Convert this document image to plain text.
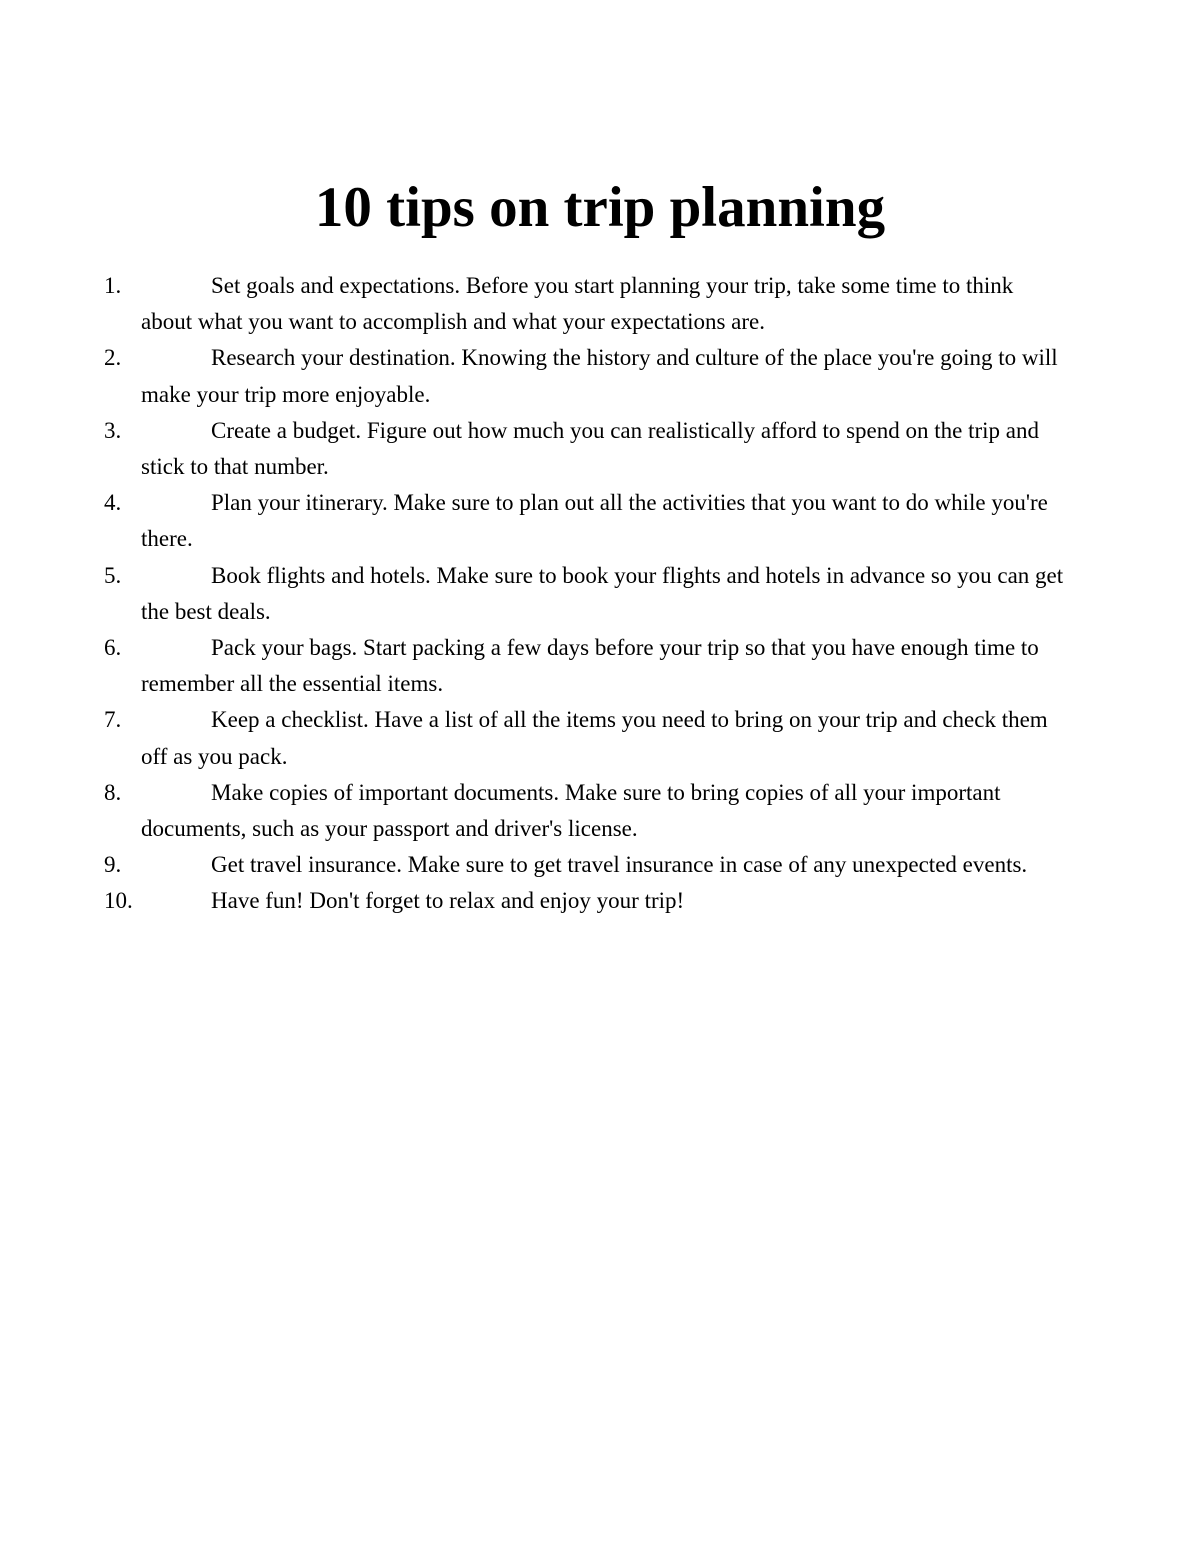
10 tips on trip planning
1.	Set goals and expectations. Before you start planning your trip, take some time to think about what you want to accomplish and what your expectations are.
2.	Research your destination. Knowing the history and culture of the place you're going to will make your trip more enjoyable.
3.	Create a budget. Figure out how much you can realistically afford to spend on the trip and stick to that number.
4.	Plan your itinerary. Make sure to plan out all the activities that you want to do while you're there.
5.	Book flights and hotels. Make sure to book your flights and hotels in advance so you can get the best deals.
6.	Pack your bags. Start packing a few days before your trip so that you have enough time to remember all the essential items.
7.	Keep a checklist. Have a list of all the items you need to bring on your trip and check them off as you pack.
8.	Make copies of important documents. Make sure to bring copies of all your important documents, such as your passport and driver's license.
9.	Get travel insurance. Make sure to get travel insurance in case of any unexpected events.
10.	Have fun! Don't forget to relax and enjoy your trip!
